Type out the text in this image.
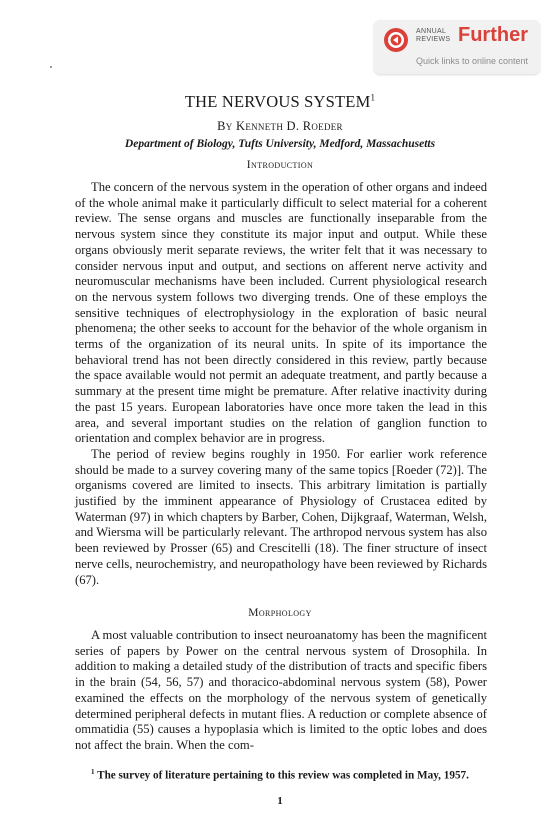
ANNUAL
REVIEWS Further
Quick links to online content
THE NERVOUS SYSTEM$^1$
By Kenneth D. Roeder
Department of Biology, Tufts University, Medford, Massachusetts
Introduction

The concern of the nervous system in the operation of other organs and indeed of the whole animal make it particularly difficult to select material for a coherent review. The sense organs and muscles are functionally inseparable from the nervous system since they constitute its major input and output. While these organs obviously merit separate reviews, the writer felt that it was necessary to consider nervous input and output, and sections on afferent nerve activity and neuromuscular mechanisms have been included. Current physiological research on the nervous system follows two diverging trends. One of these employs the sensitive techniques of electrophysiology in the exploration of basic neural phenomena; the other seeks to account for the behavior of the whole organism in terms of the organization of its neural units. In spite of its importance the behavioral trend has not been directly considered in this review, partly because the space available would not permit an adequate treatment, and partly because a summary at the present time might be premature. After relative inactivity during the past 15 years. European laboratories have once more taken the lead in this area, and several important studies on the relation of ganglion function to orientation and complex behavior are in progress.

The period of review begins roughly in 1950. For earlier work reference should be made to a survey covering many of the same topics [Roeder (72)]. The organisms covered are limited to insects. This arbitrary limitation is partially justified by the imminent appearance of Physiology of Crustacea edited by Waterman (97) in which chapters by Barber, Cohen, Dijkgraaf, Waterman, Welsh, and Wiersma will be particularly relevant. The arthropod nervous system has also been reviewed by Prosser (65) and Crescitelli (18). The finer structure of insect nerve cells, neurochemistry, and neuropathology have been reviewed by Richards (67).

Morphology

A most valuable contribution to insect neuroanatomy has been the magnificent series of papers by Power on the central nervous system of Drosophila. In addition to making a detailed study of the distribution of tracts and specific fibers in the brain (54, 56, 57) and thoracico-abdominal nervous system (58), Power examined the effects on the morphology of the nervous system of genetically determined peripheral defects in mutant flies. A reduction or complete absence of ommatidia (55) causes a hypoplasia which is limited to the optic lobes and does not affect the brain. When the com-

$^1$ The survey of literature pertaining to this review was completed in May, 1957.
1
